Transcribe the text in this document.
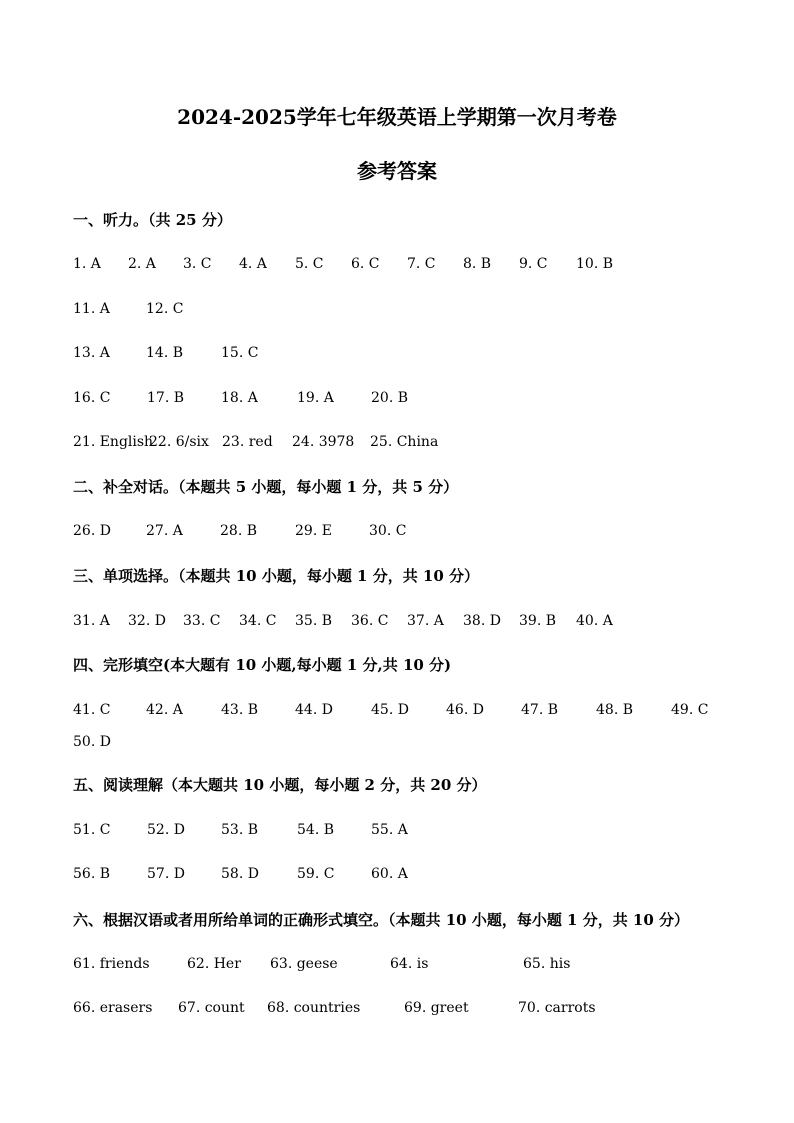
2024-2025学年七年级英语上学期第一次月考卷
参考答案
一、听力。（共 25 分）
1. A 2. A 3. C 4. A 5. C 6. C 7. C 8. B 9. C 10. B
11. A	12. C
13. A	14. B	15. C
16. C	17. B	18. A	19. A	20. B
21. English
22. 6/six 23. red 24. 3978 25. China
二、补全对话。（本题共 5 小题，每小题 1 分，共 5 分）
26. D	27. A	28. B	29. E	30. C
三、单项选择。（本题共 10 小题，每小题 1 分，共 10 分）
31. A 32. D 33. C 34. C 35. B 36. C 37. A 38. D 39. B 40. A
四、完形填空(本大题有 10 小题,每小题 1 分,共 10 分)
41. C	42. A	43. B	44. D	45. D	46. D	47. B	48. B	49. C
50. D
五、阅读理解（本大题共 10 小题，每小题 2 分，共 20 分）
51. C	52. D	53. B	54. B	55. A
56. B	57. D	58. D	59. C	60. A
六、根据汉语或者用所给单词的正确形式填空。（本题共 10 小题，每小题 1 分，共 10 分）
61. friends	62. Her 63. geese	64. is	65. his
66. erasers 67. count 68. countries	69. greet	70. carrots
